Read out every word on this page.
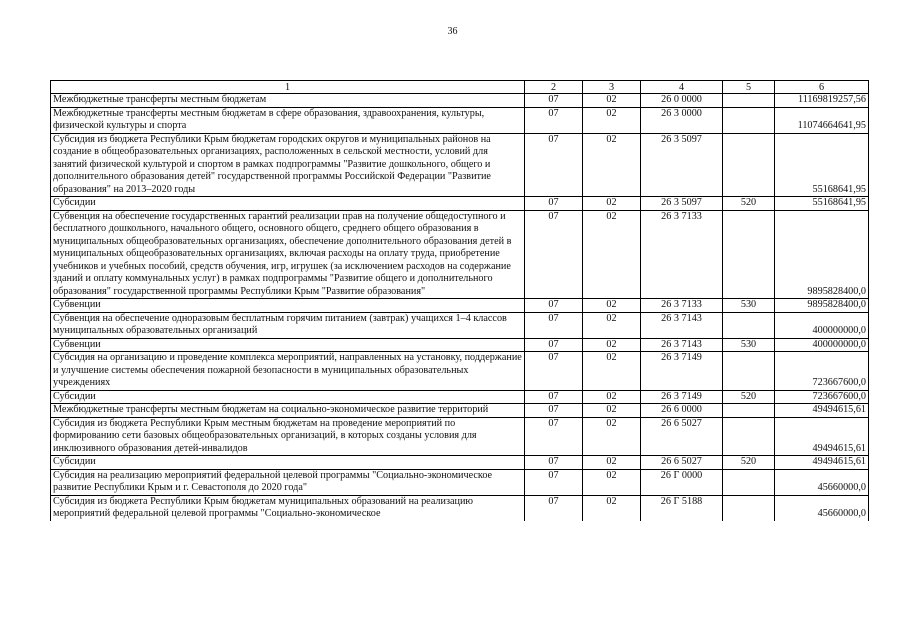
36
1	2	3	4	5	6
Межбюджетные трансферты местным бюджетам	07	02	26 0 0000		11169819257,56
Межбюджетные трансферты местным бюджетам в сфере образования, здравоохранения, культуры, физической культуры и спорта	07	02	26 3 0000		11074664641,95
Субсидия из бюджета Республики Крым бюджетам городских округов и муниципальных районов на создание в общеобразовательных организациях, расположенных в сельской местности, условий для занятий физической культурой и спортом в рамках подпрограммы "Развитие дошкольного, общего и дополнительного образования детей" государственной программы Российской Федерации "Развитие образования" на 2013–2020 годы	07	02	26 3 5097		55168641,95
Субсидии	07	02	26 3 5097	520	55168641,95
Субвенция на обеспечение государственных гарантий реализации прав на получение общедоступного и бесплатного дошкольного, начального общего, основного общего, среднего общего образования в муниципальных общеобразовательных организациях, обеспечение дополнительного образования детей в муниципальных общеобразовательных организациях, включая расходы на оплату труда, приобретение учебников и учебных пособий, средств обучения, игр, игрушек (за исключением расходов на содержание зданий и оплату коммунальных услуг) в рамках подпрограммы "Развитие общего и дополнительного образования" государственной программы Республики Крым "Развитие образования"	07	02	26 3 7133		9895828400,0
Субвенции	07	02	26 3 7133	530	9895828400,0
Субвенция на обеспечение одноразовым бесплатным горячим питанием (завтрак) учащихся 1–4 классов муниципальных образовательных организаций	07	02	26 3 7143		400000000,0
Субвенции	07	02	26 3 7143	530	400000000,0
Субсидия на организацию и проведение комплекса мероприятий, направленных на установку, поддержание и улучшение системы обеспечения пожарной безопасности в муниципальных образовательных учреждениях	07	02	26 3 7149		723667600,0
Субсидии	07	02	26 3 7149	520	723667600,0
Межбюджетные трансферты местным бюджетам на социально-экономическое развитие территорий	07	02	26 6 0000		49494615,61
Субсидия из бюджета Республики Крым местным бюджетам на проведение мероприятий по формированию сети базовых общеобразовательных организаций, в которых созданы условия для инклюзивного образования детей-инвалидов	07	02	26 6 5027		49494615,61
Субсидии	07	02	26 6 5027	520	49494615,61
Субсидия на реализацию мероприятий федеральной целевой программы "Социально-экономическое развитие Республики Крым и г. Севастополя до 2020 года"	07	02	26 Г 0000		45660000,0
Субсидия из бюджета Республики Крым бюджетам муниципальных образований на реализацию мероприятий федеральной целевой программы "Социально-экономическое	07	02	26 Г 5188		45660000,0
